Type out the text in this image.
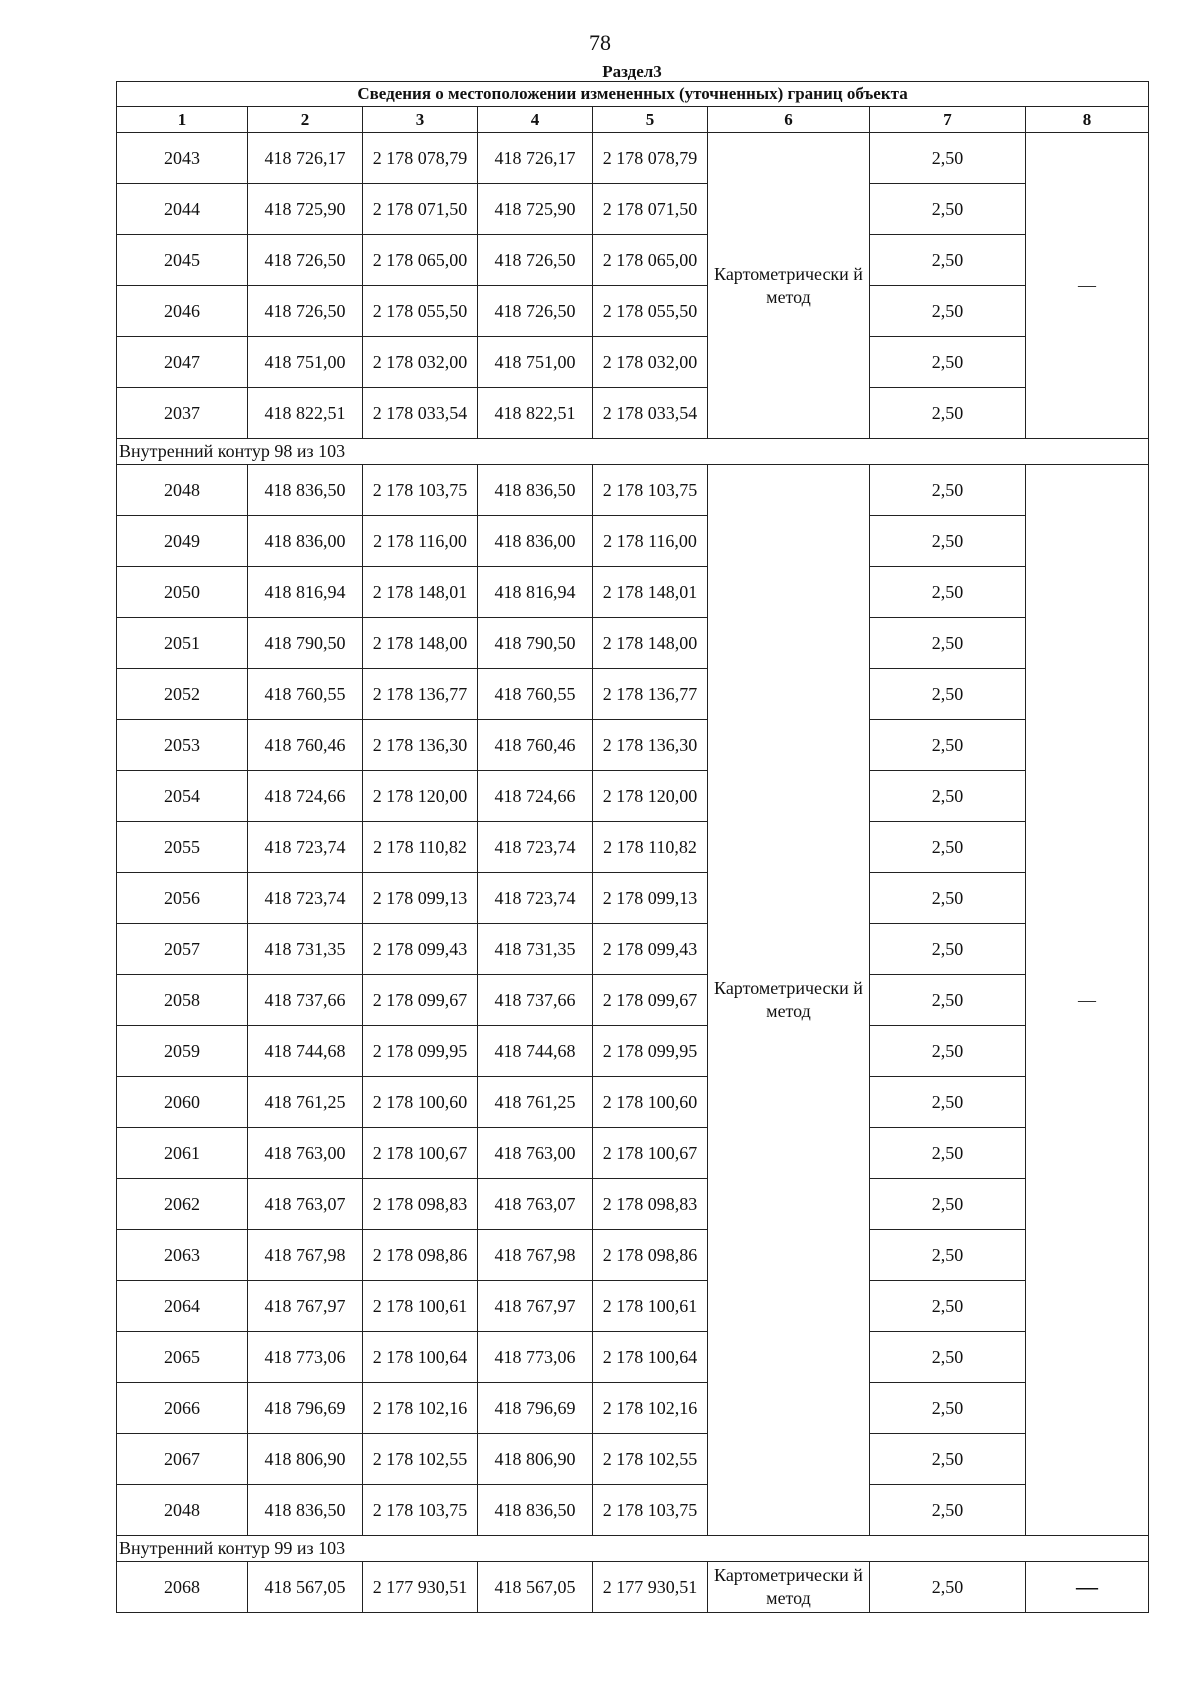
78
Раздел3
Сведения о местоположении измененных (уточненных) границ объекта							
1	2	3	4	5	6	7	8
2043	418 726,17	2 178 078,79	418 726,17	2 178 078,79	Картометрически й метод	2,50	—
2044	418 725,90	2 178 071,50	418 725,90	2 178 071,50		2,50	
2045	418 726,50	2 178 065,00	418 726,50	2 178 065,00		2,50	
2046	418 726,50	2 178 055,50	418 726,50	2 178 055,50		2,50	
2047	418 751,00	2 178 032,00	418 751,00	2 178 032,00		2,50	
2037	418 822,51	2 178 033,54	418 822,51	2 178 033,54		2,50	
Внутренний контур 98 из 103							
2048	418 836,50	2 178 103,75	418 836,50	2 178 103,75	Картометрически й метод	2,50	—
2049	418 836,00	2 178 116,00	418 836,00	2 178 116,00		2,50	
2050	418 816,94	2 178 148,01	418 816,94	2 178 148,01		2,50	
2051	418 790,50	2 178 148,00	418 790,50	2 178 148,00		2,50	
2052	418 760,55	2 178 136,77	418 760,55	2 178 136,77		2,50	
2053	418 760,46	2 178 136,30	418 760,46	2 178 136,30		2,50	
2054	418 724,66	2 178 120,00	418 724,66	2 178 120,00		2,50	
2055	418 723,74	2 178 110,82	418 723,74	2 178 110,82		2,50	
2056	418 723,74	2 178 099,13	418 723,74	2 178 099,13		2,50	
2057	418 731,35	2 178 099,43	418 731,35	2 178 099,43		2,50	
2058	418 737,66	2 178 099,67	418 737,66	2 178 099,67		2,50	
2059	418 744,68	2 178 099,95	418 744,68	2 178 099,95		2,50	
2060	418 761,25	2 178 100,60	418 761,25	2 178 100,60		2,50	
2061	418 763,00	2 178 100,67	418 763,00	2 178 100,67		2,50	
2062	418 763,07	2 178 098,83	418 763,07	2 178 098,83		2,50	
2063	418 767,98	2 178 098,86	418 767,98	2 178 098,86		2,50	
2064	418 767,97	2 178 100,61	418 767,97	2 178 100,61		2,50	
2065	418 773,06	2 178 100,64	418 773,06	2 178 100,64		2,50	
2066	418 796,69	2 178 102,16	418 796,69	2 178 102,16		2,50	
2067	418 806,90	2 178 102,55	418 806,90	2 178 102,55		2,50	
2048	418 836,50	2 178 103,75	418 836,50	2 178 103,75		2,50	
Внутренний контур 99 из 103							
2068	418 567,05	2 177 930,51	418 567,05	2 177 930,51	Картометрически й метод	2,50	—
